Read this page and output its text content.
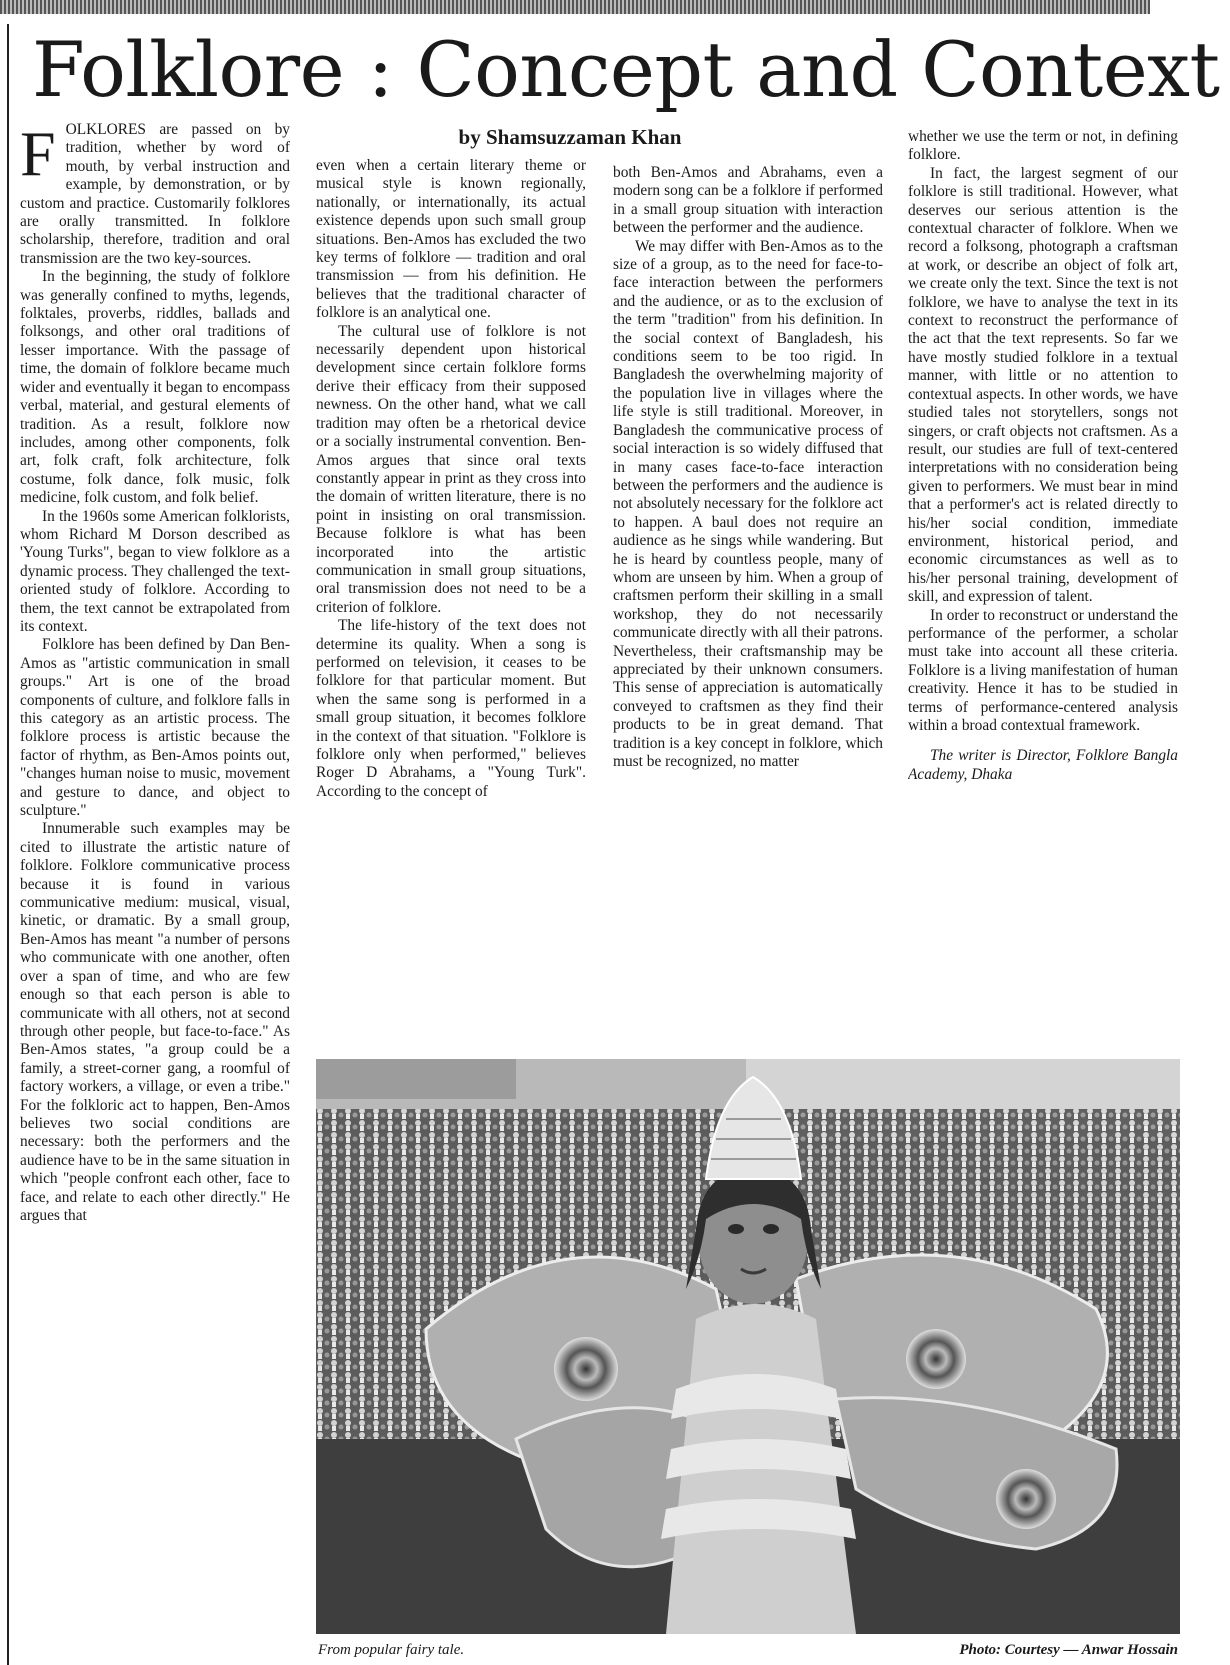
Folklore : Concept and Context
by Shamsuzzaman Khan
F OLKLORES are passed on by tradition, whether by word of mouth, by verbal instruction and example, by demonstration, or by custom and practice. Customarily folklores are orally transmitted. In folklore scholarship, therefore, tradition and oral transmission are the two key-sources.

In the beginning, the study of folklore was generally confined to myths, legends, folktales, proverbs, riddles, ballads and folksongs, and other oral traditions of lesser importance. With the passage of time, the domain of folklore became much wider and eventually it began to encompass verbal, material, and gestural elements of tradition. As a result, folklore now includes, among other components, folk art, folk craft, folk architecture, folk costume, folk dance, folk music, folk medicine, folk custom, and folk belief.

In the 1960s some American folklorists, whom Richard M Dorson described as 'Young Turks", began to view folklore as a dynamic process. They challenged the text-oriented study of folklore. According to them, the text cannot be extrapolated from its context.

Folklore has been defined by Dan Ben-Amos as "artistic communication in small groups." Art is one of the broad components of culture, and folklore falls in this category as an artistic process. The folklore process is artistic because the factor of rhythm, as Ben-Amos points out, "changes human noise to music, movement and gesture to dance, and object to sculpture."

Innumerable such examples may be cited to illustrate the artistic nature of folklore. Folklore communicative process because it is found in various communicative medium: musical, visual, kinetic, or dramatic. By a small group, Ben-Amos has meant "a number of persons who communicate with one another, often over a span of time, and who are few enough so that each person is able to communicate with all others, not at second through other people, but face-to-face." As Ben-Amos states, "a group could be a family, a street-corner gang, a roomful of factory workers, a village, or even a tribe." For the folkloric act to happen, Ben-Amos believes two social conditions are necessary: both the performers and the audience have to be in the same situation in which "people confront each other, face to face, and relate to each other directly." He argues that

even when a certain literary theme or musical style is known regionally, nationally, or internationally, its actual existence depends upon such small group situations. Ben-Amos has excluded the two key terms of folklore — tradition and oral transmission — from his definition. He believes that the traditional character of folklore is an analytical one.

The cultural use of folklore is not necessarily dependent upon historical development since certain folklore forms derive their efficacy from their supposed newness. On the other hand, what we call tradition may often be a rhetorical device or a socially instrumental convention. Ben-Amos argues that since oral texts constantly appear in print as they cross into the domain of written literature, there is no point in insisting on oral transmission. Because folklore is what has been incorporated into the artistic communication in small group situations, oral transmission does not need to be a criterion of folklore.

The life-history of the text does not determine its quality. When a song is performed on television, it ceases to be folklore for that particular moment. But when the same song is performed in a small group situation, it becomes folklore in the context of that situation. "Folklore is folklore only when performed," believes Roger D Abrahams, a "Young Turk". According to the concept of

both Ben-Amos and Abrahams, even a modern song can be a folklore if performed in a small group situation with interaction between the performer and the audience.

We may differ with Ben-Amos as to the size of a group, as to the need for face-to-face interaction between the performers and the audience, or as to the exclusion of the term "tradition" from his definition. In the social context of Bangladesh, his conditions seem to be too rigid. In Bangladesh the overwhelming majority of the population live in villages where the life style is still traditional. Moreover, in Bangladesh the communicative process of social interaction is so widely diffused that in many cases face-to-face interaction between the performers and the audience is not absolutely necessary for the folklore act to happen. A baul does not require an audience as he sings while wandering. But he is heard by countless people, many of whom are unseen by him. When a group of craftsmen perform their skilling in a small workshop, they do not necessarily communicate directly with all their patrons. Nevertheless, their craftsmanship may be appreciated by their unknown consumers. This sense of appreciation is automatically conveyed to craftsmen as they find their products to be in great demand. That tradition is a key concept in folklore, which must be recognized, no matter

whether we use the term or not, in defining folklore.

In fact, the largest segment of our folklore is still traditional. However, what deserves our serious attention is the contextual character of folklore. When we record a folksong, photograph a craftsman at work, or describe an object of folk art, we create only the text. Since the text is not folklore, we have to analyse the text in its context to reconstruct the performance of the act that the text represents. So far we have mostly studied folklore in a textual manner, with little or no attention to contextual aspects. In other words, we have studied tales not storytellers, songs not singers, or craft objects not craftsmen. As a result, our studies are full of text-centered interpretations with no consideration being given to performers. We must bear in mind that a performer's act is related directly to his/her social condition, immediate environment, historical period, and economic circumstances as well as to his/her personal training, development of skill, and expression of talent.

In order to reconstruct or understand the performance of the performer, a scholar must take into account all these criteria. Folklore is a living manifestation of human creativity. Hence it has to be studied in terms of performance-centered analysis within a broad contextual framework.

The writer is Director, Folklore Bangla Academy, Dhaka

From popular fairy tale.	Photo: Courtesy — Anwar Hossain
